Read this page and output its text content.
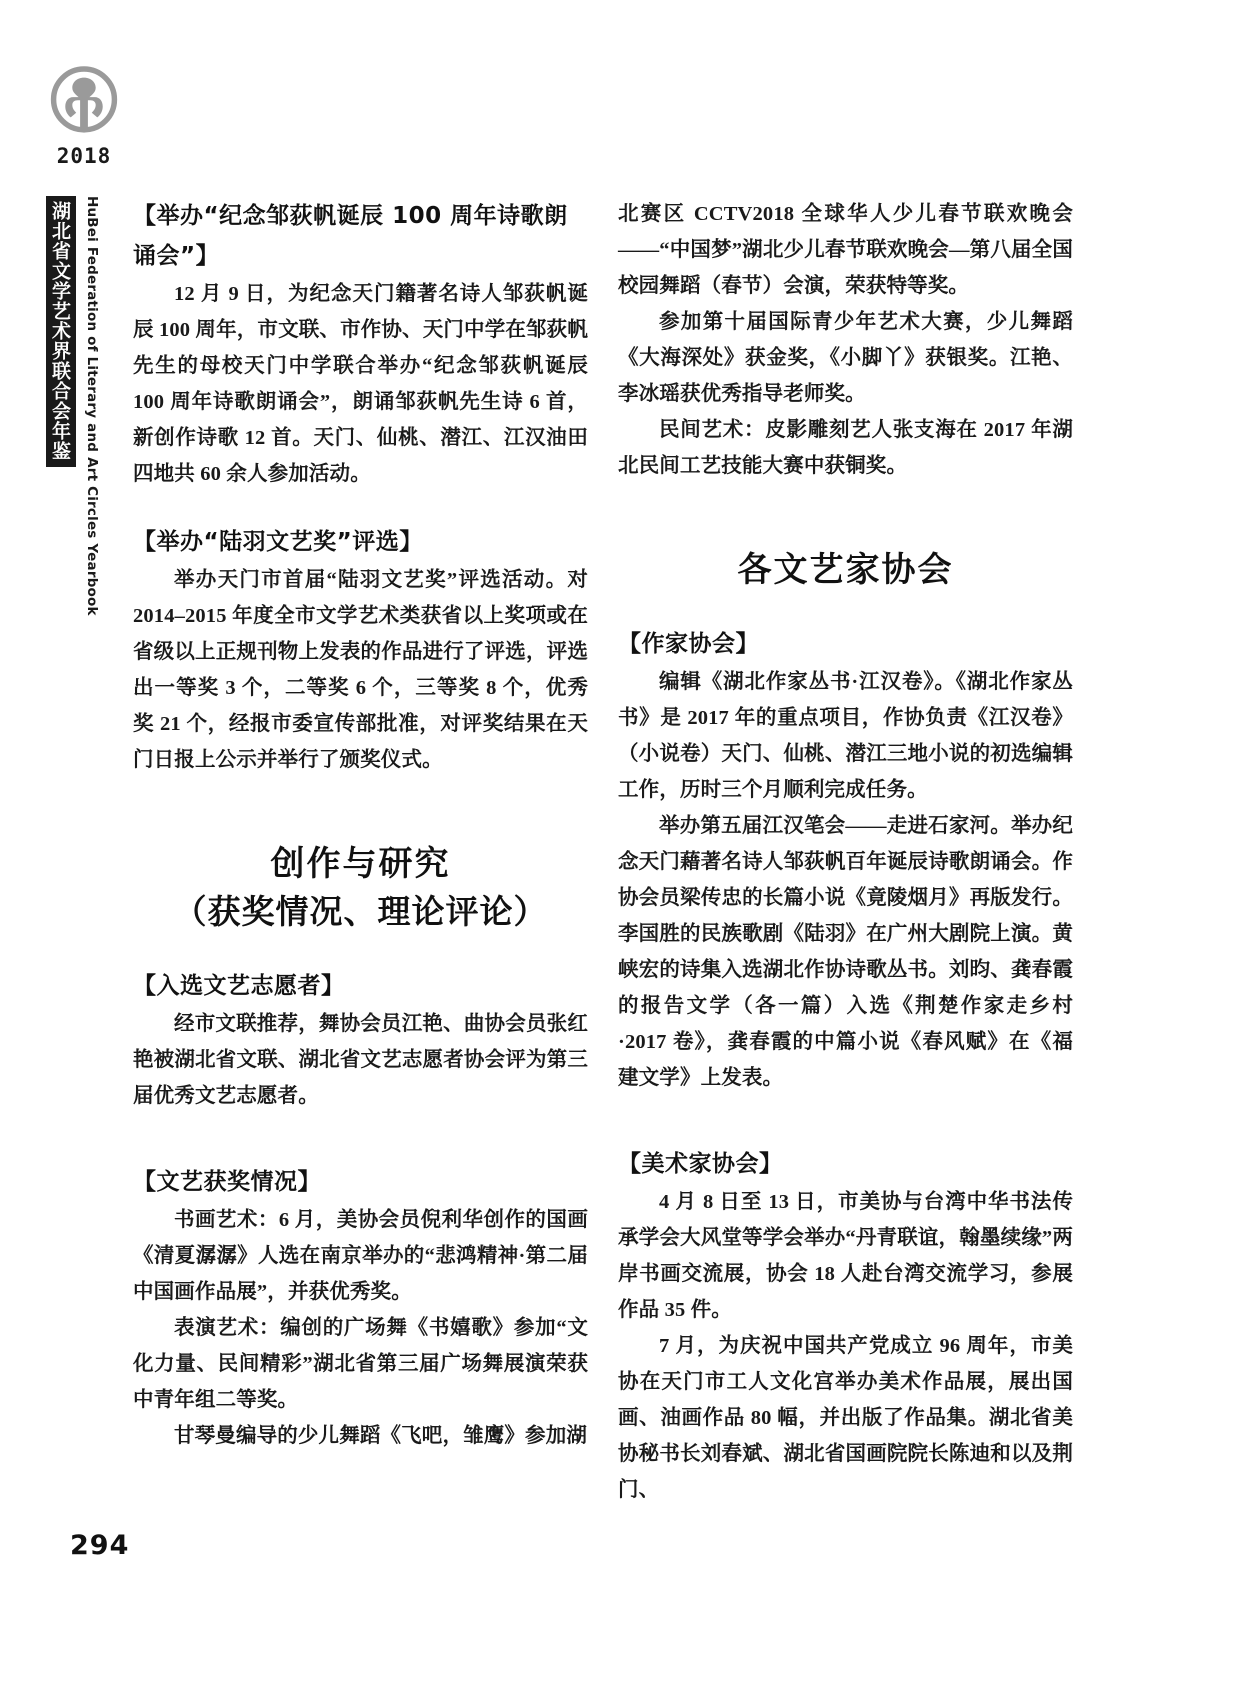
2018
湖北省文学艺术界联合会年鉴 HuBei Federation of Literary and Art Circles Yearbook 【举办“纪念邹荻帆诞辰 100 周年诗歌朗诵会”】

12 月 9 日，为纪念天门籍著名诗人邹荻帆诞辰 100 周年，市文联、市作协、天门中学在邹荻帆先生的母校天门中学联合举办“纪念邹荻帆诞辰 100 周年诗歌朗诵会”，朗诵邹荻帆先生诗 6 首，新创作诗歌 12 首。天门、仙桃、潜江、江汉油田四地共 60 余人参加活动。

【举办“陆羽文艺奖”评选】

举办天门市首届“陆羽文艺奖”评选活动。对 2014–2015 年度全市文学艺术类获省以上奖项或在省级以上正规刊物上发表的作品进行了评选，评选出一等奖 3 个，二等奖 6 个，三等奖 8 个，优秀奖 21 个，经报市委宣传部批准，对评奖结果在天门日报上公示并举行了颁奖仪式。

创作与研究
（获奖情况、理论评论）
【入选文艺志愿者】

经市文联推荐，舞协会员江艳、曲协会员张红艳被湖北省文联、湖北省文艺志愿者协会评为第三届优秀文艺志愿者。

【文艺获奖情况】

书画艺术：6 月，美协会员倪利华创作的国画《清夏潺潺》人选在南京举办的“悲鸿精神·第二届中国画作品展”，并获优秀奖。

表演艺术：编创的广场舞《书嬉歌》参加“文化力量、民间精彩”湖北省第三届广场舞展演荣获中青年组二等奖。

甘琴曼编导的少儿舞蹈《飞吧，雏鹰》参加湖

北赛区 CCTV2018 全球华人少儿春节联欢晚会——“中国梦”湖北少儿春节联欢晚会—第八届全国校园舞蹈（春节）会演，荣获特等奖。

参加第十届国际青少年艺术大赛，少儿舞蹈《大海深处》获金奖，《小脚丫》获银奖。江艳、李冰瑶获优秀指导老师奖。

民间艺术：皮影雕刻艺人张支海在 2017 年湖北民间工艺技能大赛中获铜奖。

各文艺家协会
【作家协会】

编辑《湖北作家丛书·江汉卷》。《湖北作家丛书》是 2017 年的重点项目，作协负责《江汉卷》（小说卷）天门、仙桃、潜江三地小说的初选编辑工作，历时三个月顺利完成任务。

举办第五届江汉笔会——走进石家河。举办纪念天门藉著名诗人邹荻帆百年诞辰诗歌朗诵会。作协会员梁传忠的长篇小说《竟陵烟月》再版发行。李国胜的民族歌剧《陆羽》在广州大剧院上演。黄峡宏的诗集入选湖北作协诗歌丛书。刘昀、龚春霞的报告文学（各一篇）入选《荆楚作家走乡村·2017 卷》，龚春霞的中篇小说《春风赋》在《福建文学》上发表。

【美术家协会】

4 月 8 日至 13 日，市美协与台湾中华书法传承学会大风堂等学会举办“丹青联谊，翰墨续缘”两岸书画交流展，协会 18 人赴台湾交流学习，参展作品 35 件。

7 月，为庆祝中国共产党成立 96 周年，市美协在天门市工人文化宫举办美术作品展，展出国画、油画作品 80 幅，并出版了作品集。湖北省美协秘书长刘春斌、湖北省国画院院长陈迪和以及荆门、

294
